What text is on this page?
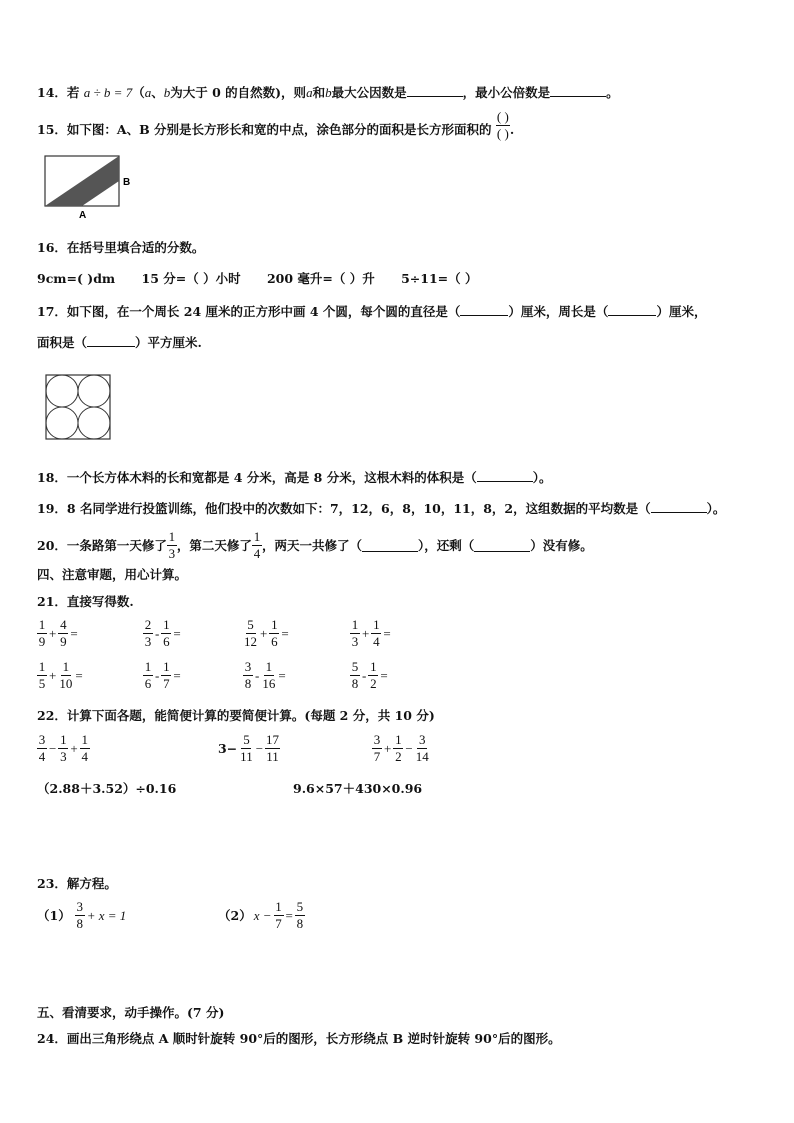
14．若 a ÷ b = 7（a、b为大于 0 的自然数)，则a和b最大公因数是	，最小公倍数是	。
15．如下图：A、B 分别是长方形长和宽的中点，涂色部分的面积是长方形面积的 $\frac{( )}{( )}$ .
A
B
16．在括号里填合适的分数。
9cm=( )dm 15 分=（ ）小时 200 毫升=（ ）升 5÷11=（ ）
17．如下图，在一个周长 24 厘米的正方形中画 4 个圆，每个圆的直径是（	）厘米，周长是（	）厘米，
面积是（	）平方厘米.
18．一个长方体木料的长和宽都是 4 分米，高是 8 分米，这根木料的体积是（	）。
19．8 名同学进行投篮训练，他们投中的次数如下：7，12，6，8，10，11，8，2，这组数据的平均数是（	）。
20． 一条路第一天修了 $\frac{1}{3}$ ，第二天修了 $\frac{1}{4}$ ，两天一共修了（	），还剩（	）没有修。
四、注意审题，用心计算。
21．直接写得数.
$\frac{1}{9} + \frac{4}{9}$ =	$\frac{2}{3} - \frac{1}{6}$ =	$\frac{5}{12} + \frac{1}{6}$ =	$\frac{1}{3} + \frac{1}{4}$ =
$\frac{1}{5} + \frac{1}{10}$ =	$\frac{1}{6} - \frac{1}{7}$ =	$\frac{3}{8} - \frac{1}{16}$ =	$\frac{5}{8} - \frac{1}{2}$ =
22．计算下面各题，能简便计算的要简便计算。(每题 2 分，共 10 分)
$\frac{3}{4} - \frac{1}{3} + \frac{1}{4}$	$3- \frac{5}{11} - \frac{17}{11}$	$\frac{3}{7} + \frac{1}{2} - \frac{3}{14}$
（2.88＋3.52）÷0.16	9.6×57＋430×0.96
23．解方程。
$(1) \frac{3}{8} + x = 1$	（2） $x - \frac{1}{7} = \frac{5}{8}$
五、看清要求，动手操作。(7 分)
24．画出三角形绕点 A 顺时针旋转 90°后的图形，长方形绕点 B 逆时针旋转 90°后的图形。
